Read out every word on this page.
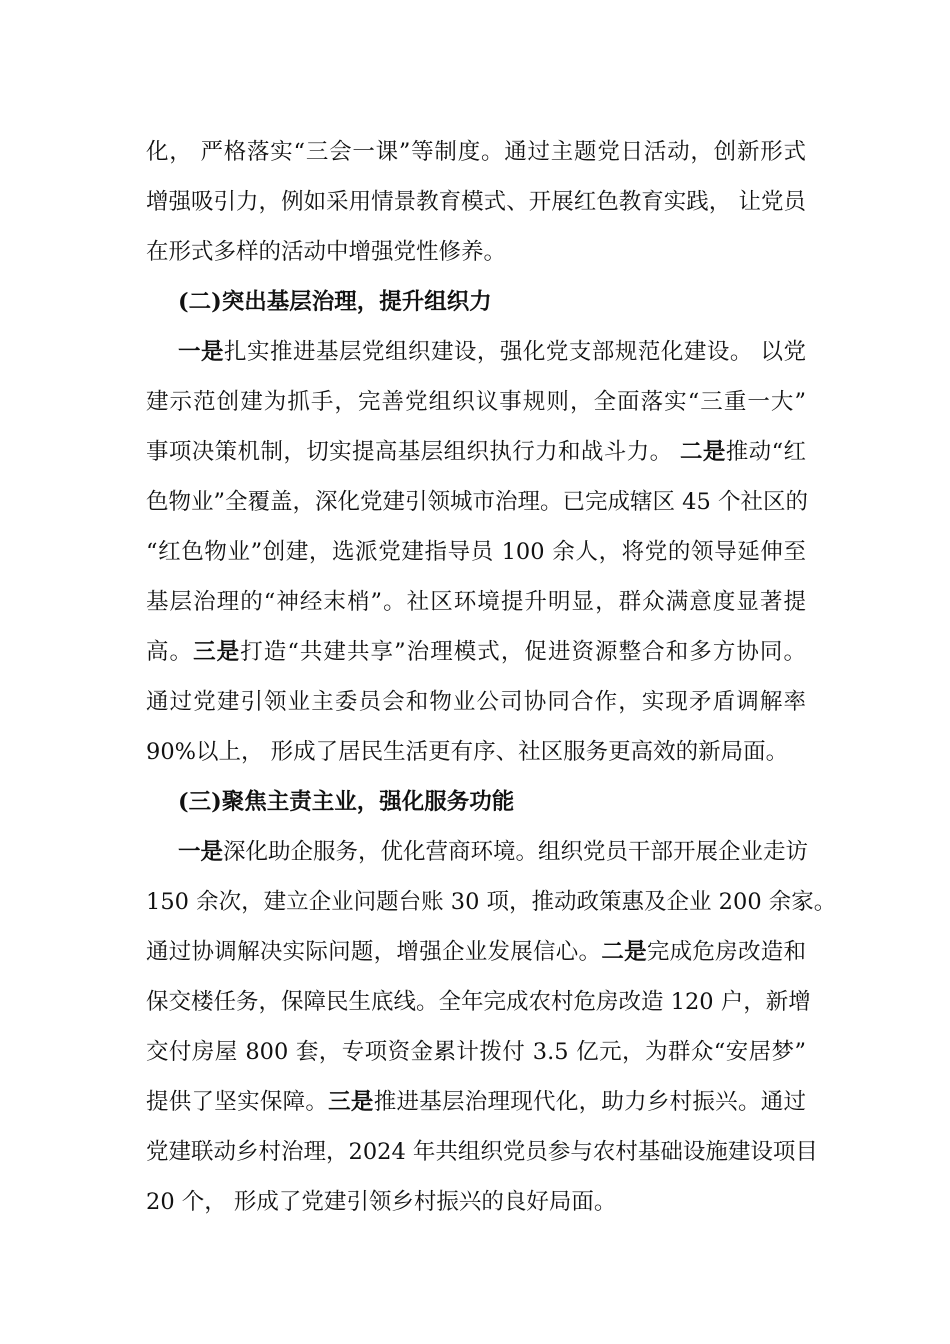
化， 严格落实“三会一课”等制度。通过主题党日活动，创新形式
增强吸引力，例如采用情景教育模式、开展红色教育实践， 让党员
在形式多样的活动中增强党性修养。
(二)突出基层治理，提升组织力
一是扎实推进基层党组织建设，强化党支部规范化建设。 以党
建示范创建为抓手，完善党组织议事规则，全面落实“三重一大”
事项决策机制，切实提高基层组织执行力和战斗力。 二是推动“红
色物业”全覆盖，深化党建引领城市治理。已完成辖区 45 个社区的
“红色物业”创建，选派党建指导员 100 余人，将党的领导延伸至
基层治理的“神经末梢”。社区环境提升明显，群众满意度显著提
高。三是打造“共建共享”治理模式，促进资源整合和多方协同。
通过党建引领业主委员会和物业公司协同合作，实现矛盾调解率
90%以上， 形成了居民生活更有序、社区服务更高效的新局面。
(三)聚焦主责主业，强化服务功能
一是深化助企服务，优化营商环境。组织党员干部开展企业走访
150 余次，建立企业问题台账 30 项，推动政策惠及企业 200 余家。
通过协调解决实际问题，增强企业发展信心。二是完成危房改造和
保交楼任务，保障民生底线。全年完成农村危房改造 120 户，新增
交付房屋 800 套，专项资金累计拨付 3.5 亿元，为群众“安居梦”
提供了坚实保障。三是推进基层治理现代化，助力乡村振兴。通过
党建联动乡村治理，2024 年共组织党员参与农村基础设施建设项目
20 个， 形成了党建引领乡村振兴的良好局面。
